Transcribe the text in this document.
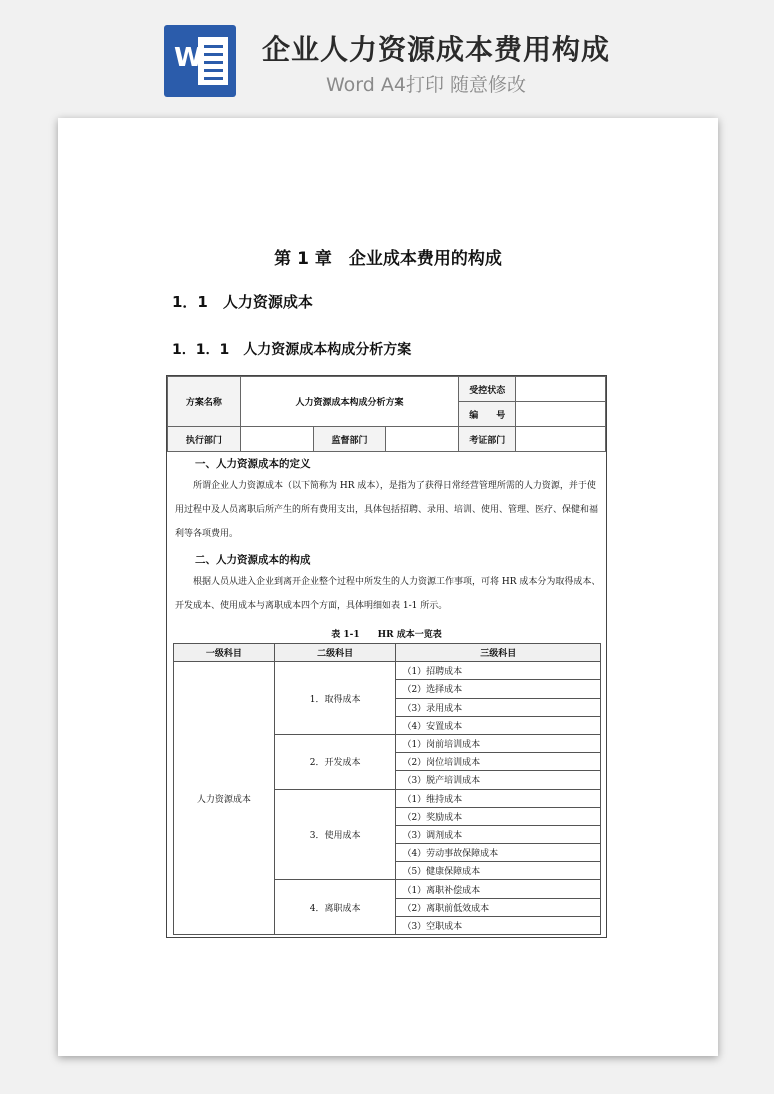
W 企业人力资源成本费用构成
Word A4打印 随意修改
第 1 章　企业成本费用的构成
1．1　人力资源成本
1．1．1　人力资源成本构成分析方案
方案名称	人力资源成本构成分析方案			受控状态	
				编　　号	
执行部门		监督部门		考证部门	
一、人力资源成本的定义
所谓企业人力资源成本（以下简称为 HR 成本），是指为了获得日常经营管理所需的人力资源，并于使用过程中及人员离职后所产生的所有费用支出，具体包括招聘、录用、培训、使用、管理、医疗、保健和福利等各项费用。
二、人力资源成本的构成
根据人员从进入企业到离开企业整个过程中所发生的人力资源工作事项，可将 HR 成本分为取得成本、开发成本、使用成本与离职成本四个方面，具体明细如表 1-1 所示。
表 1-1　　HR 成本一览表
一级科目	二级科目	三级科目
人力资源成本	1．取得成本	（1）招聘成本
		（2）选择成本
		（3）录用成本
		（4）安置成本
	2．开发成本	（1）岗前培训成本
		（2）岗位培训成本
		（3）脱产培训成本
	3．使用成本	（1）维持成本
		（2）奖励成本
		（3）调剂成本
		（4）劳动事故保障成本
		（5）健康保障成本
	4．离职成本	（1）离职补偿成本
		（2）离职前低效成本
		（3）空职成本
